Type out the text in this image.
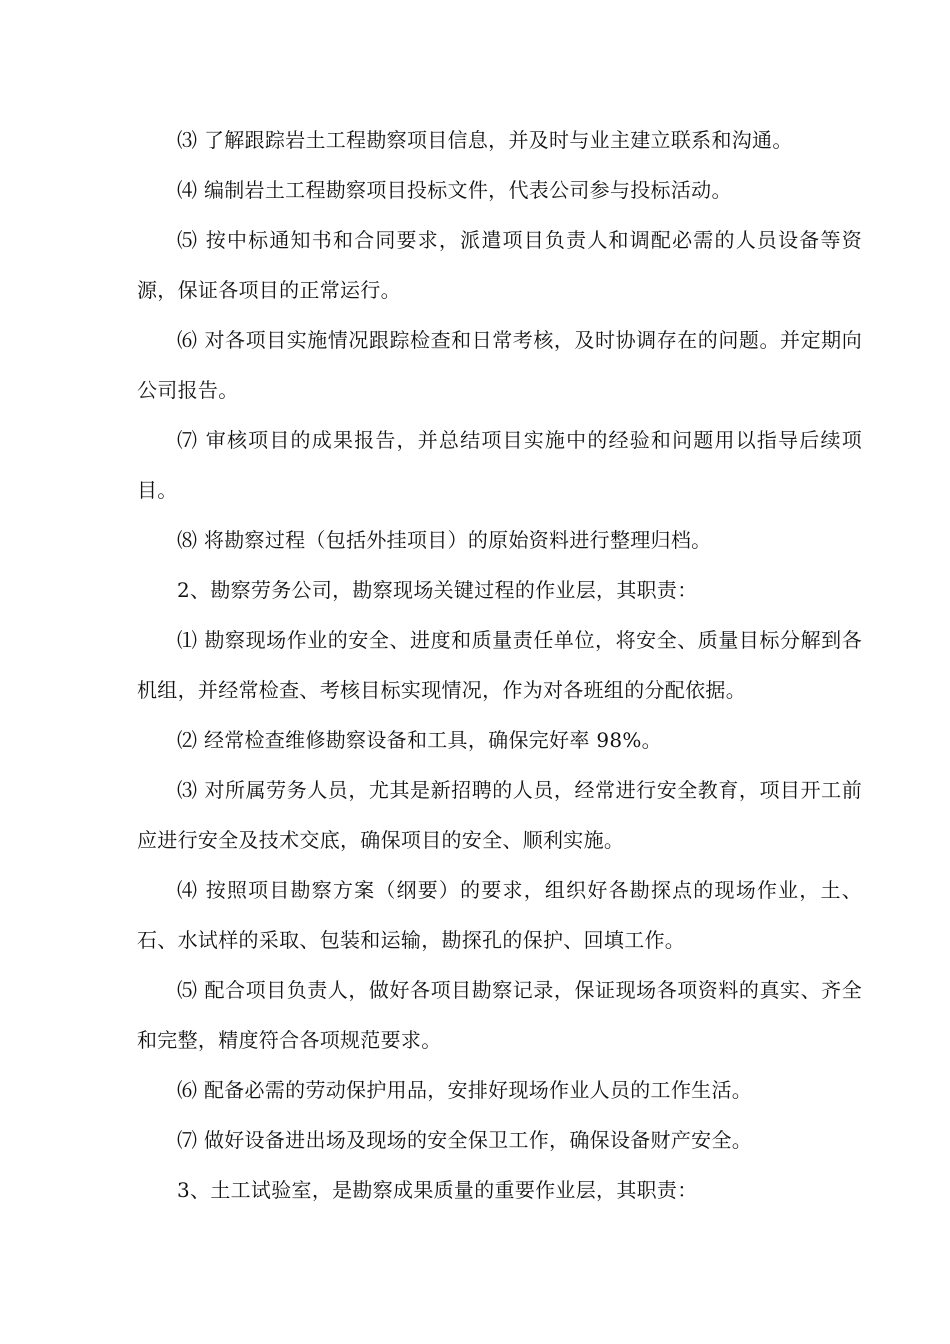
⑶ 了解跟踪岩土工程勘察项目信息，并及时与业主建立联系和沟通。

⑷ 编制岩土工程勘察项目投标文件，代表公司参与投标活动。

⑸ 按中标通知书和合同要求，派遣项目负责人和调配必需的人员设备等资源，保证各项目的正常运行。

⑹ 对各项目实施情况跟踪检查和日常考核，及时协调存在的问题。并定期向公司报告。

⑺ 审核项目的成果报告，并总结项目实施中的经验和问题用以指导后续项目。

⑻ 将勘察过程（包括外挂项目）的原始资料进行整理归档。

2、勘察劳务公司，勘察现场关键过程的作业层，其职责：

⑴ 勘察现场作业的安全、进度和质量责任单位，将安全、质量目标分解到各机组，并经常检查、考核目标实现情况，作为对各班组的分配依据。

⑵ 经常检查维修勘察设备和工具，确保完好率 98%。

⑶ 对所属劳务人员，尤其是新招聘的人员，经常进行安全教育，项目开工前应进行安全及技术交底，确保项目的安全、顺利实施。

⑷ 按照项目勘察方案（纲要）的要求，组织好各勘探点的现场作业，土、石、水试样的采取、包装和运输，勘探孔的保护、回填工作。

⑸ 配合项目负责人，做好各项目勘察记录，保证现场各项资料的真实、齐全和完整，精度符合各项规范要求。

⑹ 配备必需的劳动保护用品，安排好现场作业人员的工作生活。

⑺ 做好设备进出场及现场的安全保卫工作，确保设备财产安全。

3、土工试验室，是勘察成果质量的重要作业层，其职责：
